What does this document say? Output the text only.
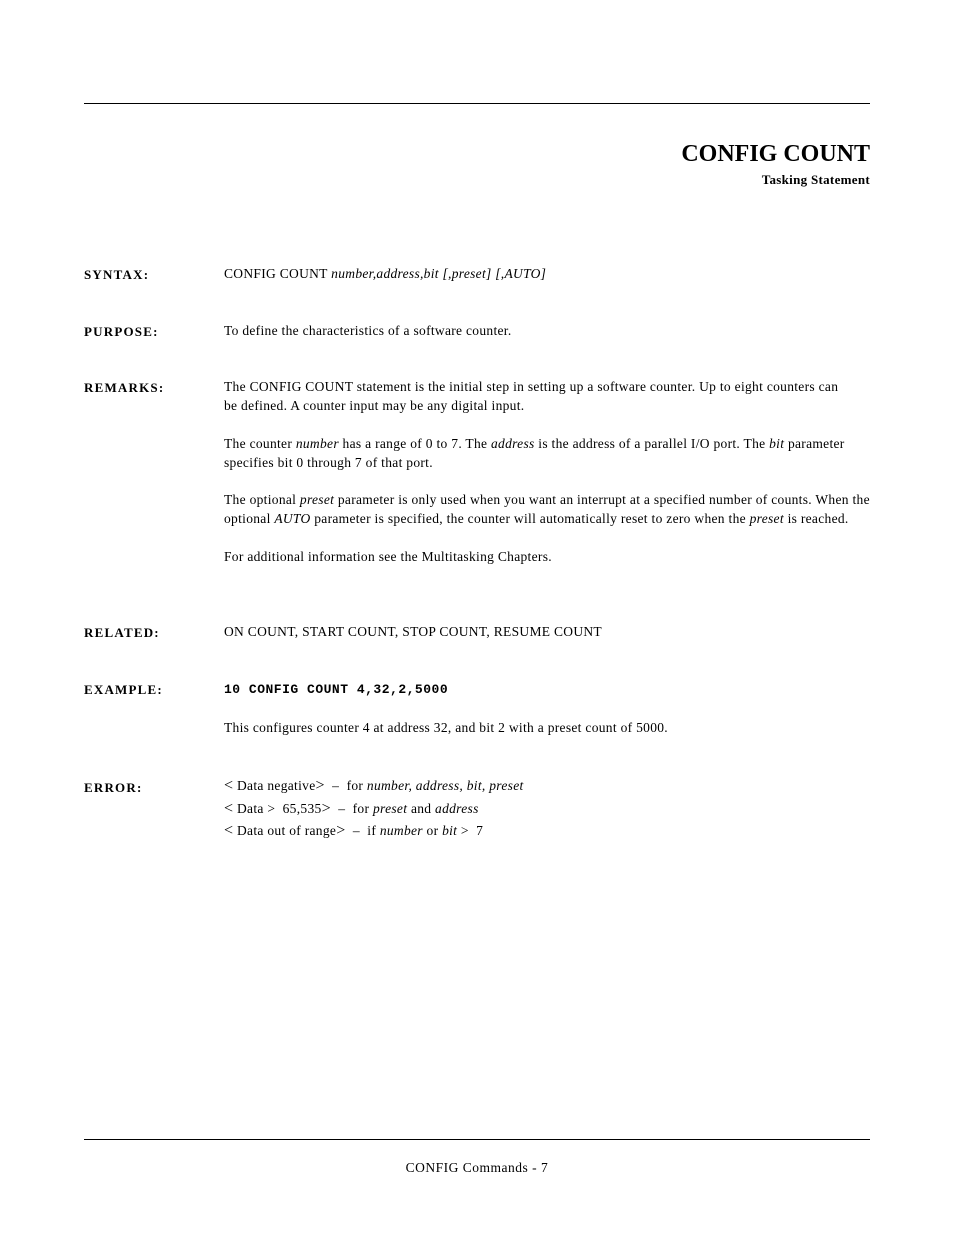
CONFIG COUNT
Tasking Statement
SYNTAX:	CONFIG COUNT number,address,bit [,preset] [,AUTO]
PURPOSE:	To define the characteristics of a software counter.
REMARKS:	The CONFIG COUNT statement is the initial step in setting up a software counter. Up to eight counters can be defined. A counter input may be any digital input.

The counter number has a range of 0 to 7. The address is the address of a parallel I/O port. The bit parameter specifies bit 0 through 7 of that port.

The optional preset parameter is only used when you want an interrupt at a specified number of counts. When the optional AUTO parameter is specified, the counter will automatically reset to zero when the preset is reached.

For additional information see the Multitasking Chapters.

RELATED:	ON COUNT, START COUNT, STOP COUNT, RESUME COUNT
EXAMPLE:	10 CONFIG COUNT 4,32,2,5000
This configures counter 4 at address 32, and bit 2 with a preset count of 5000.
ERROR:	< Data negative>  –  for number, address, bit, preset
< Data >  65,535>  –  for preset and address
< Data out of range>  –  if number or bit >  7
CONFIG Commands - 7
